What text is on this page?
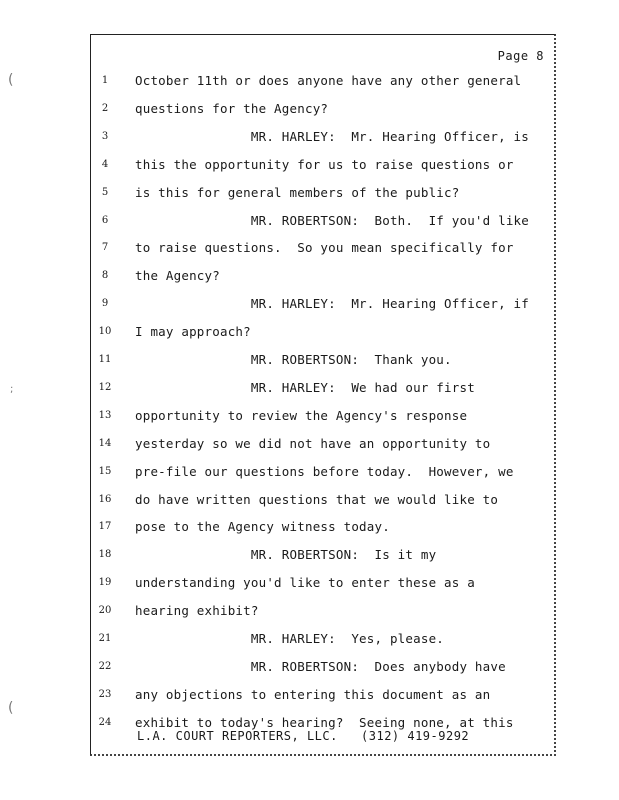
(
;
(
Page 8
1	October 11th or does anyone have any other general
2	questions for the Agency?
3	MR. HARLEY:  Mr. Hearing Officer, is
4	this the opportunity for us to raise questions or
5	is this for general members of the public?
6	MR. ROBERTSON:  Both.  If you'd like
7	to raise questions.  So you mean specifically for
8	the Agency?
9	MR. HARLEY:  Mr. Hearing Officer, if
10	I may approach?
11	MR. ROBERTSON:  Thank you.
12	MR. HARLEY:  We had our first
13	opportunity to review the Agency's response
14	yesterday so we did not have an opportunity to
15	pre-file our questions before today.  However, we
16	do have written questions that we would like to
17	pose to the Agency witness today.
18	MR. ROBERTSON:  Is it my
19	understanding you'd like to enter these as a
20	hearing exhibit?
21	MR. HARLEY:  Yes, please.
22	MR. ROBERTSON:  Does anybody have
23	any objections to entering this document as an
24	exhibit to today's hearing?  Seeing none, at this
L.A. COURT REPORTERS, LLC.   (312) 419-9292
